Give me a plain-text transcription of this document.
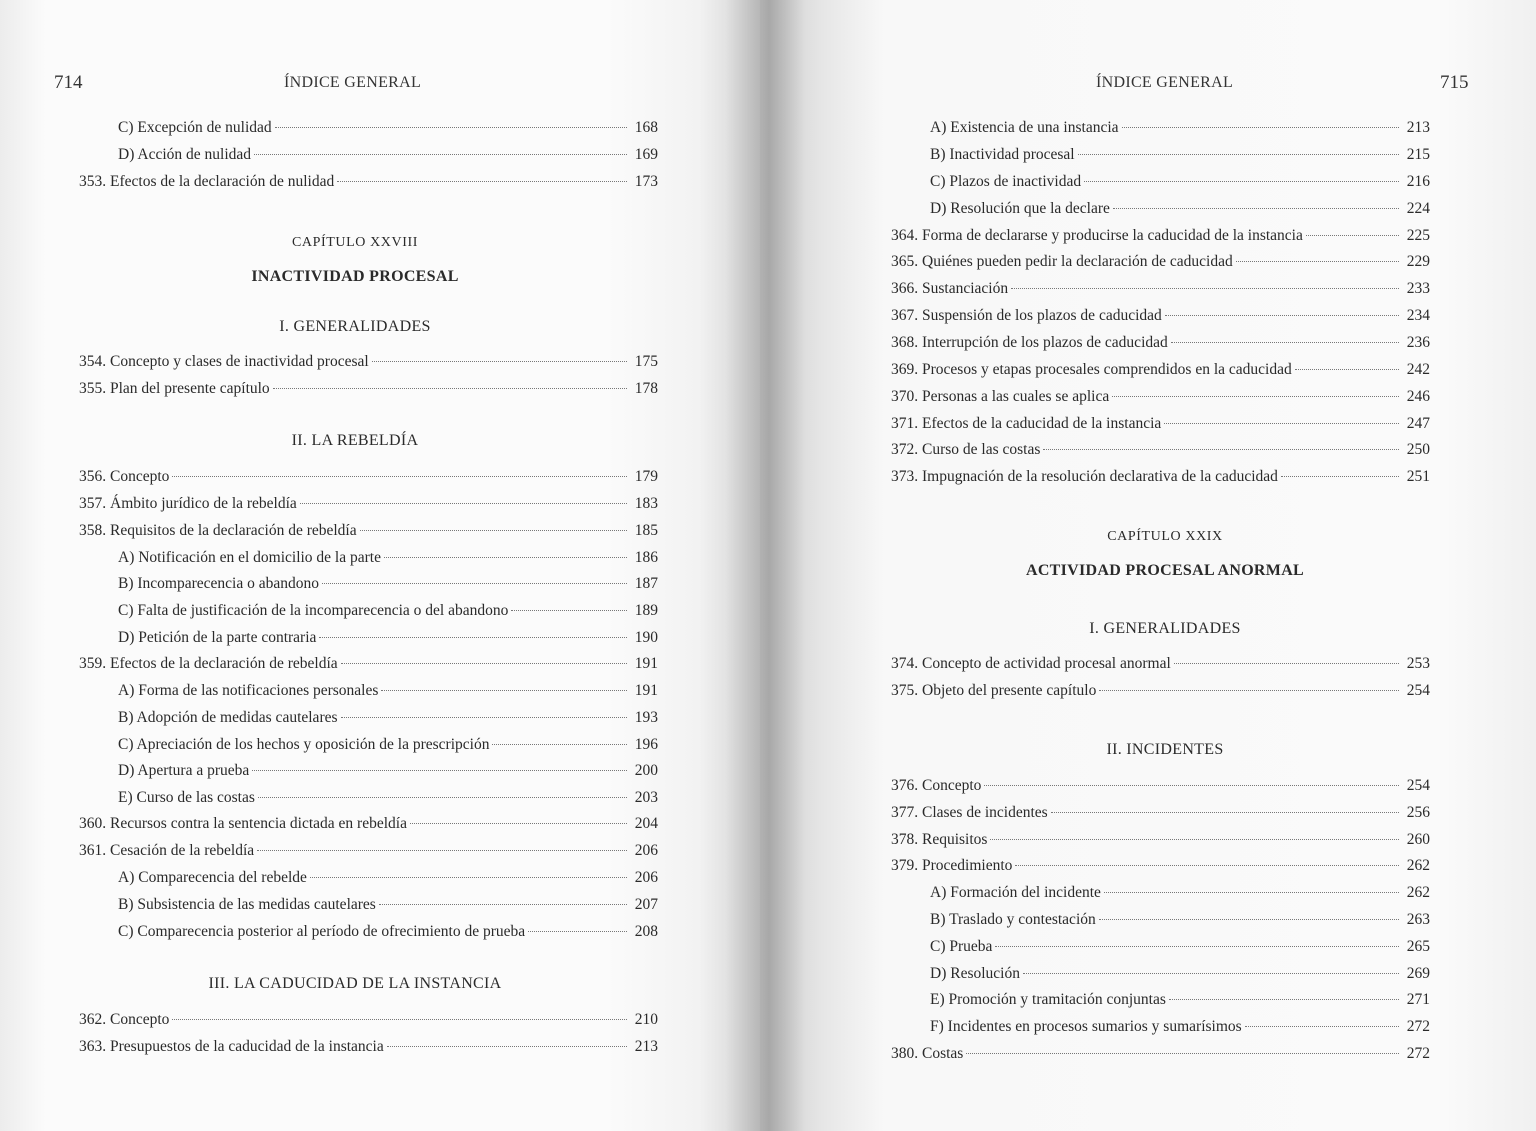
714	ÍNDICE GENERAL
C) Excepción de nulidad	168
D) Acción de nulidad	169
353. Efectos de la declaración de nulidad	173
CAPÍTULO XXVIII
INACTIVIDAD PROCESAL
I. GENERALIDADES
354. Concepto y clases de inactividad procesal	175
355. Plan del presente capítulo	178
II. LA REBELDÍA
356. Concepto	179
357. Ámbito jurídico de la rebeldía	183
358. Requisitos de la declaración de rebeldía	185
A) Notificación en el domicilio de la parte	186
B) Incomparecencia o abandono	187
C) Falta de justificación de la incomparecencia o del abandono	189
D) Petición de la parte contraria	190
359. Efectos de la declaración de rebeldía	191
A) Forma de las notificaciones personales	191
B) Adopción de medidas cautelares	193
C) Apreciación de los hechos y oposición de la prescripción	196
D) Apertura a prueba	200
E) Curso de las costas	203
360. Recursos contra la sentencia dictada en rebeldía	204
361. Cesación de la rebeldía	206
A) Comparecencia del rebelde	206
B) Subsistencia de las medidas cautelares	207
C) Comparecencia posterior al período de ofrecimiento de prueba	208
III. LA CADUCIDAD DE LA INSTANCIA
362. Concepto	210
363. Presupuestos de la caducidad de la instancia	213
ÍNDICE GENERAL	715
A) Existencia de una instancia	213
B) Inactividad procesal	215
C) Plazos de inactividad	216
D) Resolución que la declare	224
364. Forma de declararse y producirse la caducidad de la instancia	225
365. Quiénes pueden pedir la declaración de caducidad	229
366. Sustanciación	233
367. Suspensión de los plazos de caducidad	234
368. Interrupción de los plazos de caducidad	236
369. Procesos y etapas procesales comprendidos en la caducidad	242
370. Personas a las cuales se aplica	246
371. Efectos de la caducidad de la instancia	247
372. Curso de las costas	250
373. Impugnación de la resolución declarativa de la caducidad	251
CAPÍTULO XXIX
ACTIVIDAD PROCESAL ANORMAL
I. GENERALIDADES
374. Concepto de actividad procesal anormal	253
375. Objeto del presente capítulo	254
II. INCIDENTES
376. Concepto	254
377. Clases de incidentes	256
378. Requisitos	260
379. Procedimiento	262
A) Formación del incidente	262
B) Traslado y contestación	263
C) Prueba	265
D) Resolución	269
E) Promoción y tramitación conjuntas	271
F) Incidentes en procesos sumarios y sumarísimos	272
380. Costas	272
